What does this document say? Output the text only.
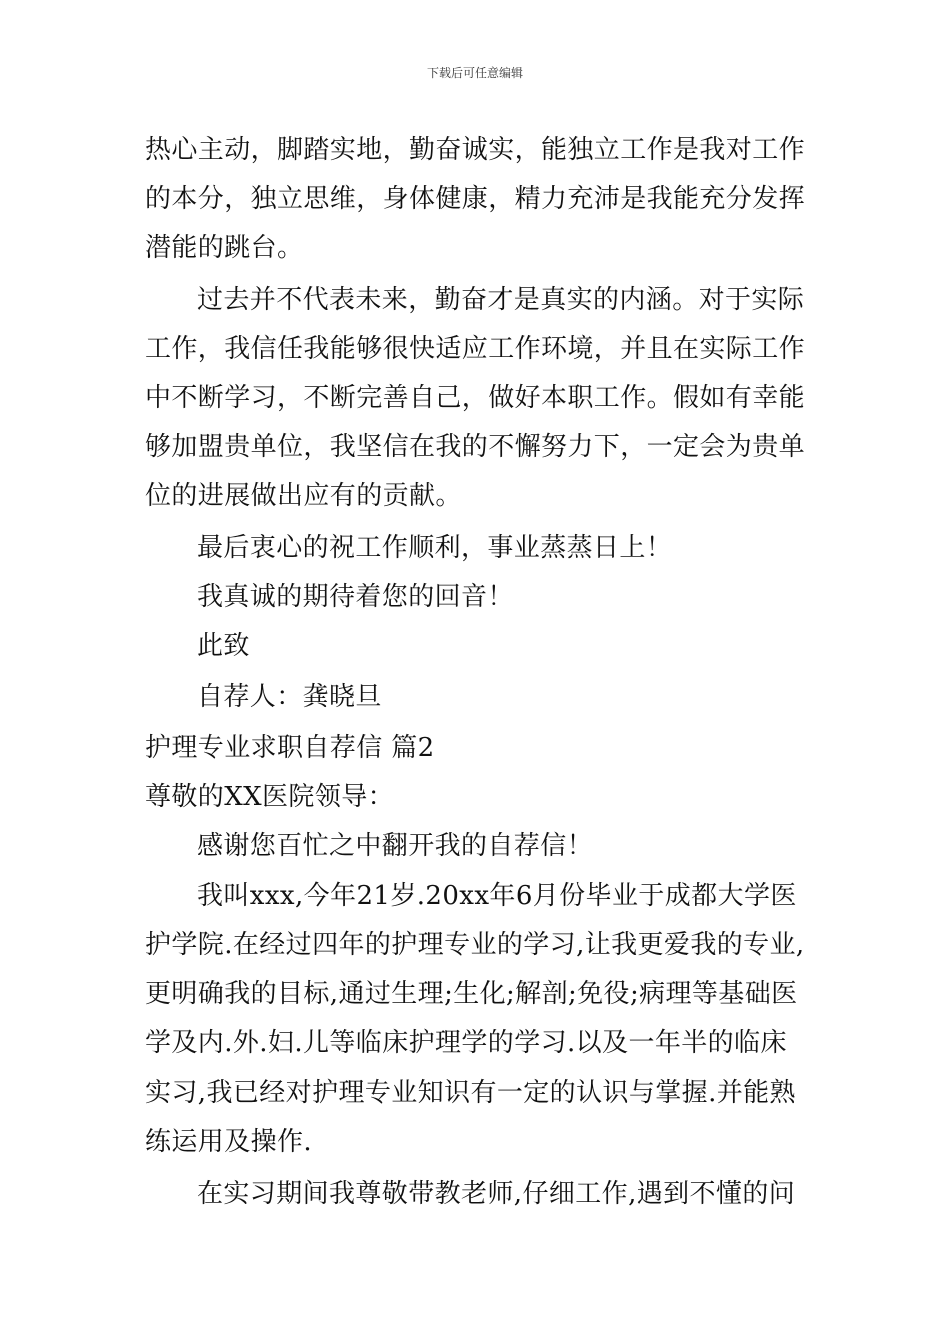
下载后可任意编辑
热心主动，脚踏实地，勤奋诚实，能独立工作是我对工作
的本分，独立思维，身体健康，精力充沛是我能充分发挥
潜能的跳台。
过去并不代表未来，勤奋才是真实的内涵。对于实际
工作，我信任我能够很快适应工作环境，并且在实际工作
中不断学习，不断完善自己，做好本职工作。假如有幸能
够加盟贵单位，我坚信在我的不懈努力下，一定会为贵单
位的进展做出应有的贡献。
最后衷心的祝工作顺利，事业蒸蒸日上！
我真诚的期待着您的回音！
此致
自荐人：龚晓旦
护理专业求职自荐信 篇2
尊敬的XX医院领导：
感谢您百忙之中翻开我的自荐信！
我叫xxx,今年21岁.20xx年6月份毕业于成都大学医
护学院.在经过四年的护理专业的学习,让我更爱我的专业,
更明确我的目标,通过生理;生化;解剖;免役;病理等基础医
学及内.外.妇.儿等临床护理学的学习.以及一年半的临床
实习,我已经对护理专业知识有一定的认识与掌握.并能熟
练运用及操作.
在实习期间我尊敬带教老师,仔细工作,遇到不懂的问
